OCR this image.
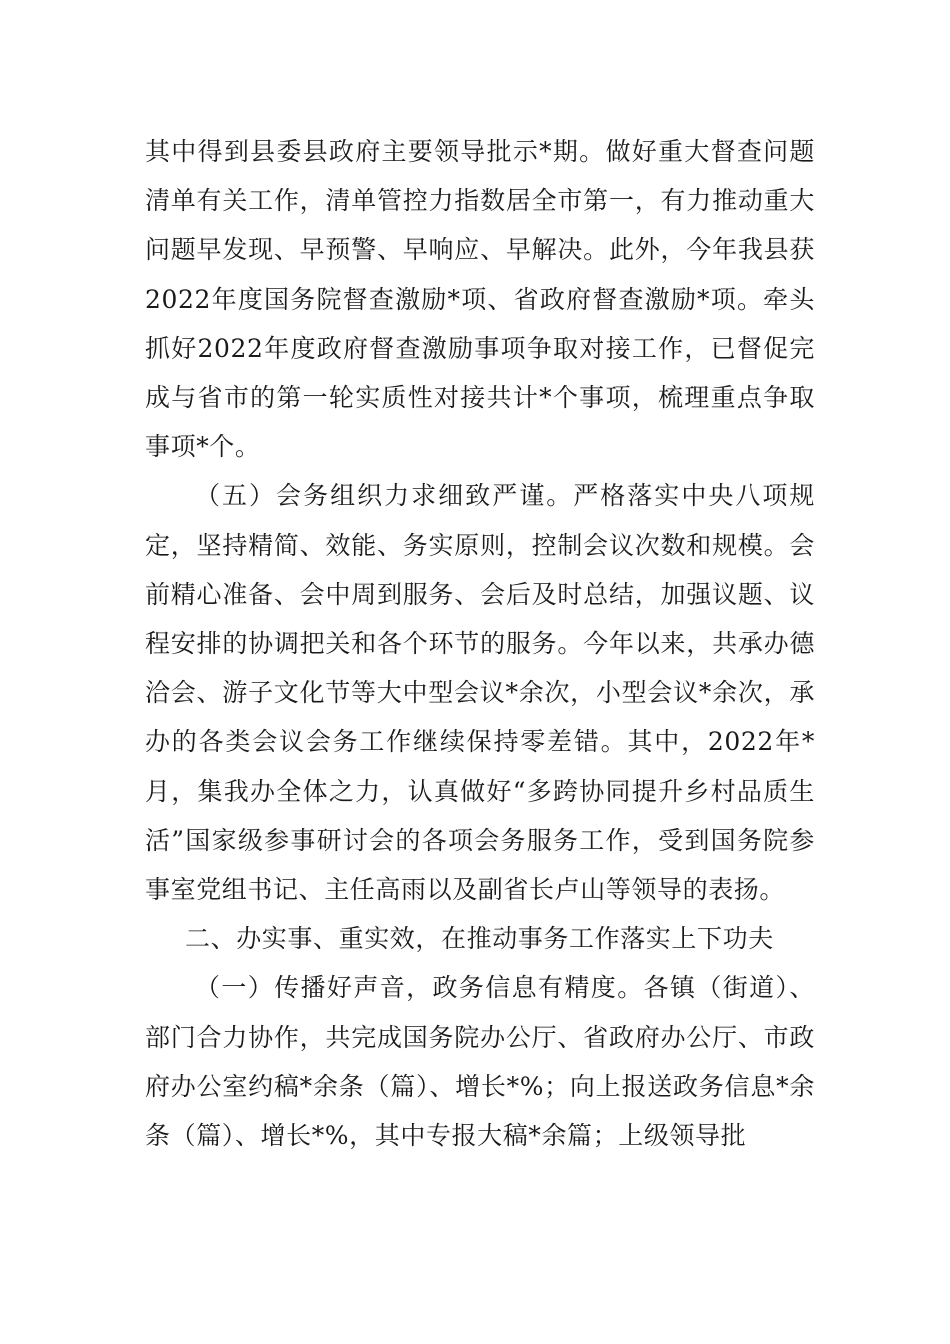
其中得到县委县政府主要领导批示*期。做好重大督查问题清单有关工作，清单管控力指数居全市第一，有力推动重大问题早发现、早预警、早响应、早解决。此外，今年我县获2022年度国务院督查激励*项、省政府督查激励*项。牵头抓好2022年度政府督查激励事项争取对接工作，已督促完成与省市的第一轮实质性对接共计*个事项，梳理重点争取事项*个。

（五）会务组织力求细致严谨。严格落实中央八项规定，坚持精简、效能、务实原则，控制会议次数和规模。会前精心准备、会中周到服务、会后及时总结，加强议题、议程安排的协调把关和各个环节的服务。今年以来，共承办德洽会、游子文化节等大中型会议*余次，小型会议*余次，承办的各类会议会务工作继续保持零差错。其中，2022年*月，集我办全体之力，认真做好“多跨协同提升乡村品质生活”国家级参事研讨会的各项会务服务工作，受到国务院参事室党组书记、主任高雨以及副省长卢山等领导的表扬。

二、办实事、重实效，在推动事务工作落实上下功夫

（一）传播好声音，政务信息有精度。各镇（街道）、部门合力协作，共完成国务院办公厅、省政府办公厅、市政府办公室约稿*余条（篇）、增长*%；向上报送政务信息*余条（篇）、增长*%，其中专报大稿*余篇；上级领导批
